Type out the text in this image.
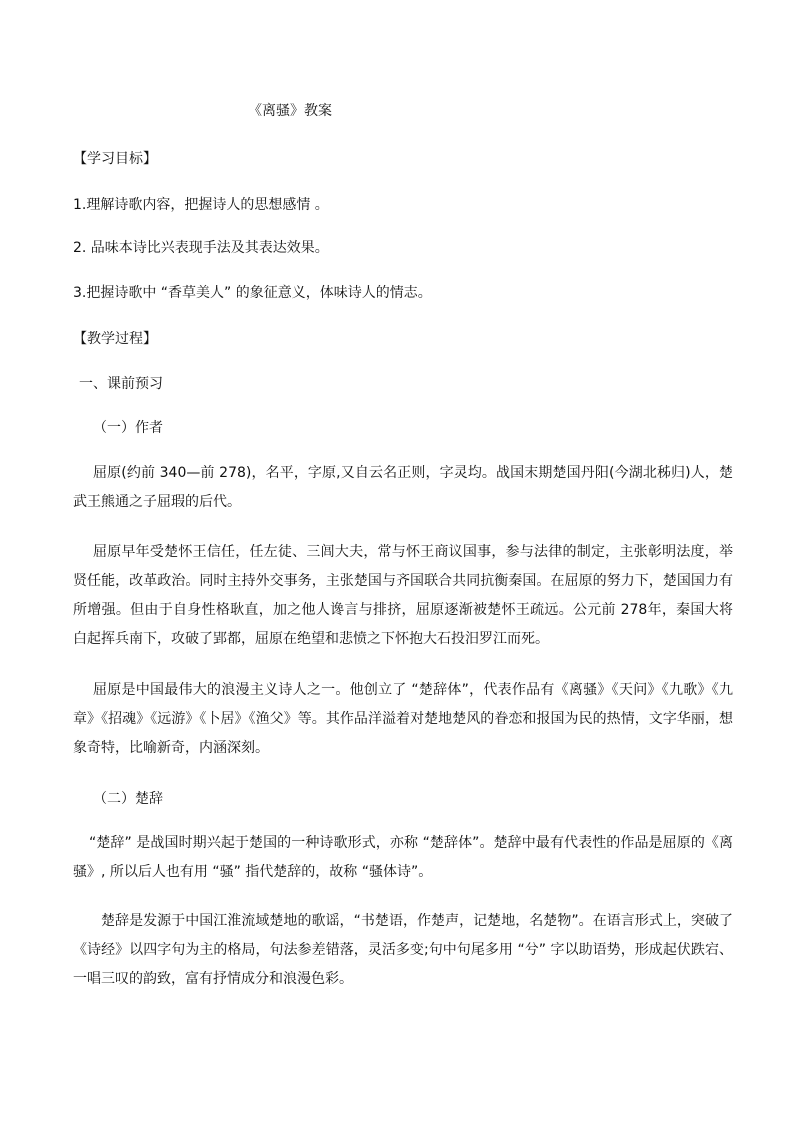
《离骚》教案
【学习目标】
1.理解诗歌内容，把握诗人的思想感情 。
2. 品味本诗比兴表现手法及其表达效果。
3.把握诗歌中 “香草美人” 的象征意义，体味诗人的情志。
【教学过程】
一、课前预习
（一）作者
屈原(约前 340—前 278)，名平，字原,又自云名正则，字灵均。战国末期楚国丹阳(今湖北秭归)人，楚武王熊通之子屈瑕的后代。
屈原早年受楚怀王信任，任左徒、三闾大夫，常与怀王商议国事，参与法律的制定，主张彰明法度，举贤任能，改革政治。同时主持外交事务，主张楚国与齐国联合共同抗衡秦国。在屈原的努力下，楚国国力有所增强。但由于自身性格耿直，加之他人谗言与排挤，屈原逐渐被楚怀王疏远。公元前 278年，秦国大将白起挥兵南下，攻破了郢都，屈原在绝望和悲愤之下怀抱大石投汨罗江而死。
屈原是中国最伟大的浪漫主义诗人之一。他创立了 “楚辞体”，代表作品有《离骚》《天问》《九歌》《九章》《招魂》《远游》《卜居》《渔父》等。其作品洋溢着对楚地楚风的眷恋和报国为民的热情，文字华丽，想象奇特，比喻新奇，内涵深刻。
（二）楚辞
“楚辞” 是战国时期兴起于楚国的一种诗歌形式，亦称 “楚辞体”。楚辞中最有代表性的作品是屈原的《离骚》, 所以后人也有用 “骚” 指代楚辞的，故称 “骚体诗”。
楚辞是发源于中国江淮流域楚地的歌谣，“书楚语，作楚声，记楚地，名楚物”。在语言形式上，突破了《诗经》以四字句为主的格局，句法参差错落，灵活多变;句中句尾多用 “兮” 字以助语势，形成起伏跌宕、一唱三叹的韵致，富有抒情成分和浪漫色彩。
